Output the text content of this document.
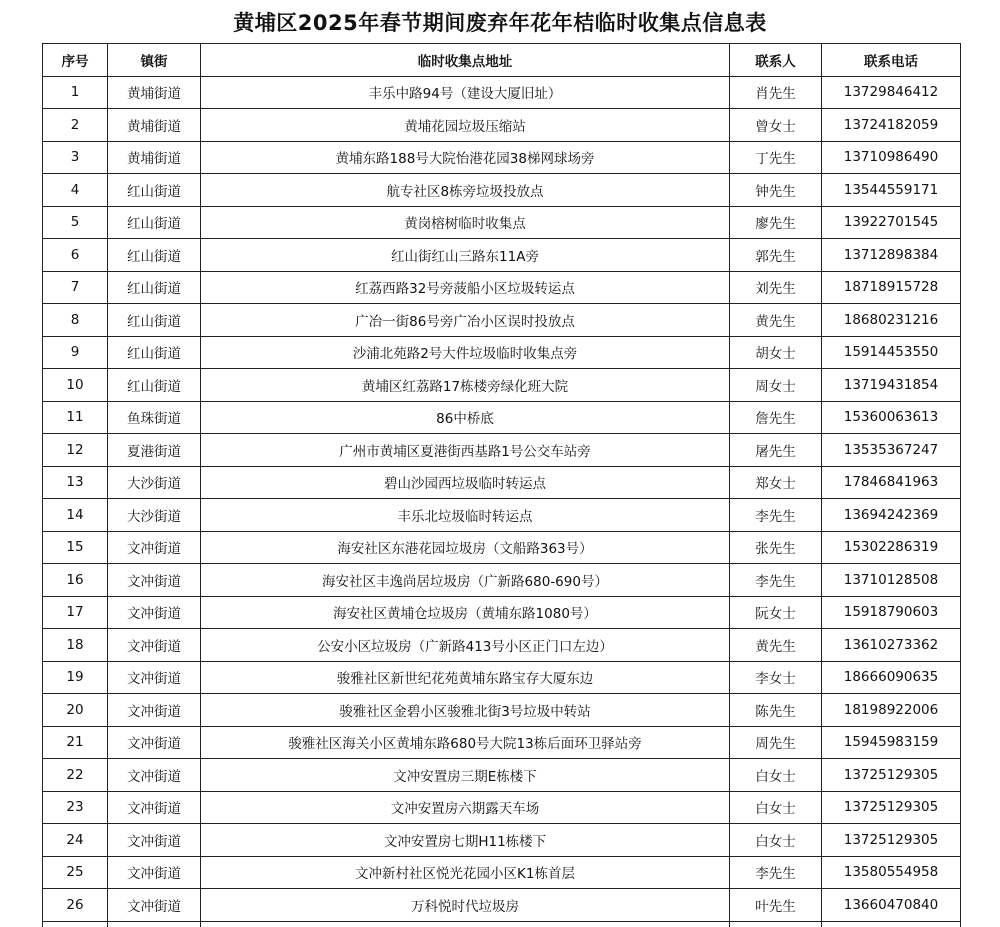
黄埔区2025年春节期间废弃年花年桔临时收集点信息表
序号	镇街	临时收集点地址	联系人	联系电话
1	黄埔街道	丰乐中路94号（建设大厦旧址）	肖先生	13729846412
2	黄埔街道	黄埔花园垃圾压缩站	曾女士	13724182059
3	黄埔街道	黄埔东路188号大院怡港花园38梯网球场旁	丁先生	13710986490
4	红山街道	航专社区8栋旁垃圾投放点	钟先生	13544559171
5	红山街道	黄岗榕树临时收集点	廖先生	13922701545
6	红山街道	红山街红山三路东11A旁	郭先生	13712898384
7	红山街道	红荔西路32号旁菠船小区垃圾转运点	刘先生	18718915728
8	红山街道	广冶一街86号旁广冶小区误时投放点	黄先生	18680231216
9	红山街道	沙浦北苑路2号大件垃圾临时收集点旁	胡女士	15914453550
10	红山街道	黄埔区红荔路17栋楼旁绿化班大院	周女士	13719431854
11	鱼珠街道	86中桥底	詹先生	15360063613
12	夏港街道	广州市黄埔区夏港街西基路1号公交车站旁	屠先生	13535367247
13	大沙街道	碧山沙园西垃圾临时转运点	郑女士	17846841963
14	大沙街道	丰乐北垃圾临时转运点	李先生	13694242369
15	文冲街道	海安社区东港花园垃圾房（文船路363号）	张先生	15302286319
16	文冲街道	海安社区丰逸尚居垃圾房（广新路680-690号）	李先生	13710128508
17	文冲街道	海安社区黄埔仓垃圾房（黄埔东路1080号）	阮女士	15918790603
18	文冲街道	公安小区垃圾房（广新路413号小区正门口左边）	黄先生	13610273362
19	文冲街道	骏雅社区新世纪花苑黄埔东路宝存大厦东边	李女士	18666090635
20	文冲街道	骏雅社区金碧小区骏雅北街3号垃圾中转站	陈先生	18198922006
21	文冲街道	骏雅社区海关小区黄埔东路680号大院13栋后面环卫驿站旁	周先生	15945983159
22	文冲街道	文冲安置房三期E栋楼下	白女士	13725129305
23	文冲街道	文冲安置房六期露天车场	白女士	13725129305
24	文冲街道	文冲安置房七期H11栋楼下	白女士	13725129305
25	文冲街道	文冲新村社区悦光花园小区K1栋首层	李先生	13580554958
26	文冲街道	万科悦时代垃圾房	叶先生	13660470840
